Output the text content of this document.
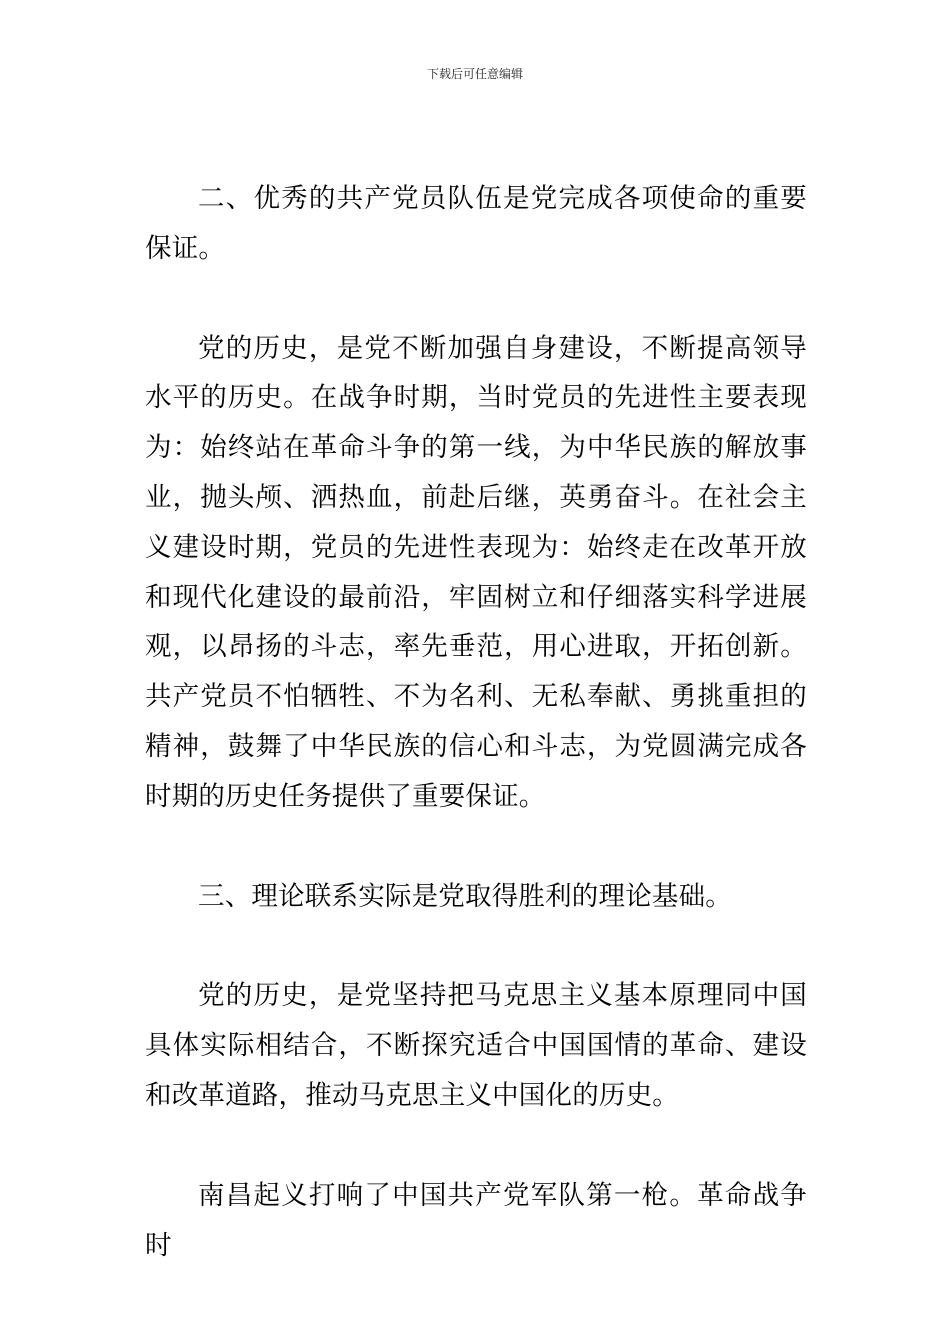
下载后可任意编辑

二、优秀的共产党员队伍是党完成各项使命的重要保证。

党的历史，是党不断加强自身建设，不断提高领导水平的历史。在战争时期，当时党员的先进性主要表现为：始终站在革命斗争的第一线，为中华民族的解放事业，抛头颅、洒热血，前赴后继，英勇奋斗。在社会主义建设时期，党员的先进性表现为：始终走在改革开放和现代化建设的最前沿，牢固树立和仔细落实科学进展观，以昂扬的斗志，率先垂范，用心进取，开拓创新。共产党员不怕牺牲、不为名利、无私奉献、勇挑重担的精神，鼓舞了中华民族的信心和斗志，为党圆满完成各时期的历史任务提供了重要保证。

三、理论联系实际是党取得胜利的理论基础。

党的历史，是党坚持把马克思主义基本原理同中国具体实际相结合，不断探究适合中国国情的革命、建设和改革道路，推动马克思主义中国化的历史。

南昌起义打响了中国共产党军队第一枪。革命战争时
